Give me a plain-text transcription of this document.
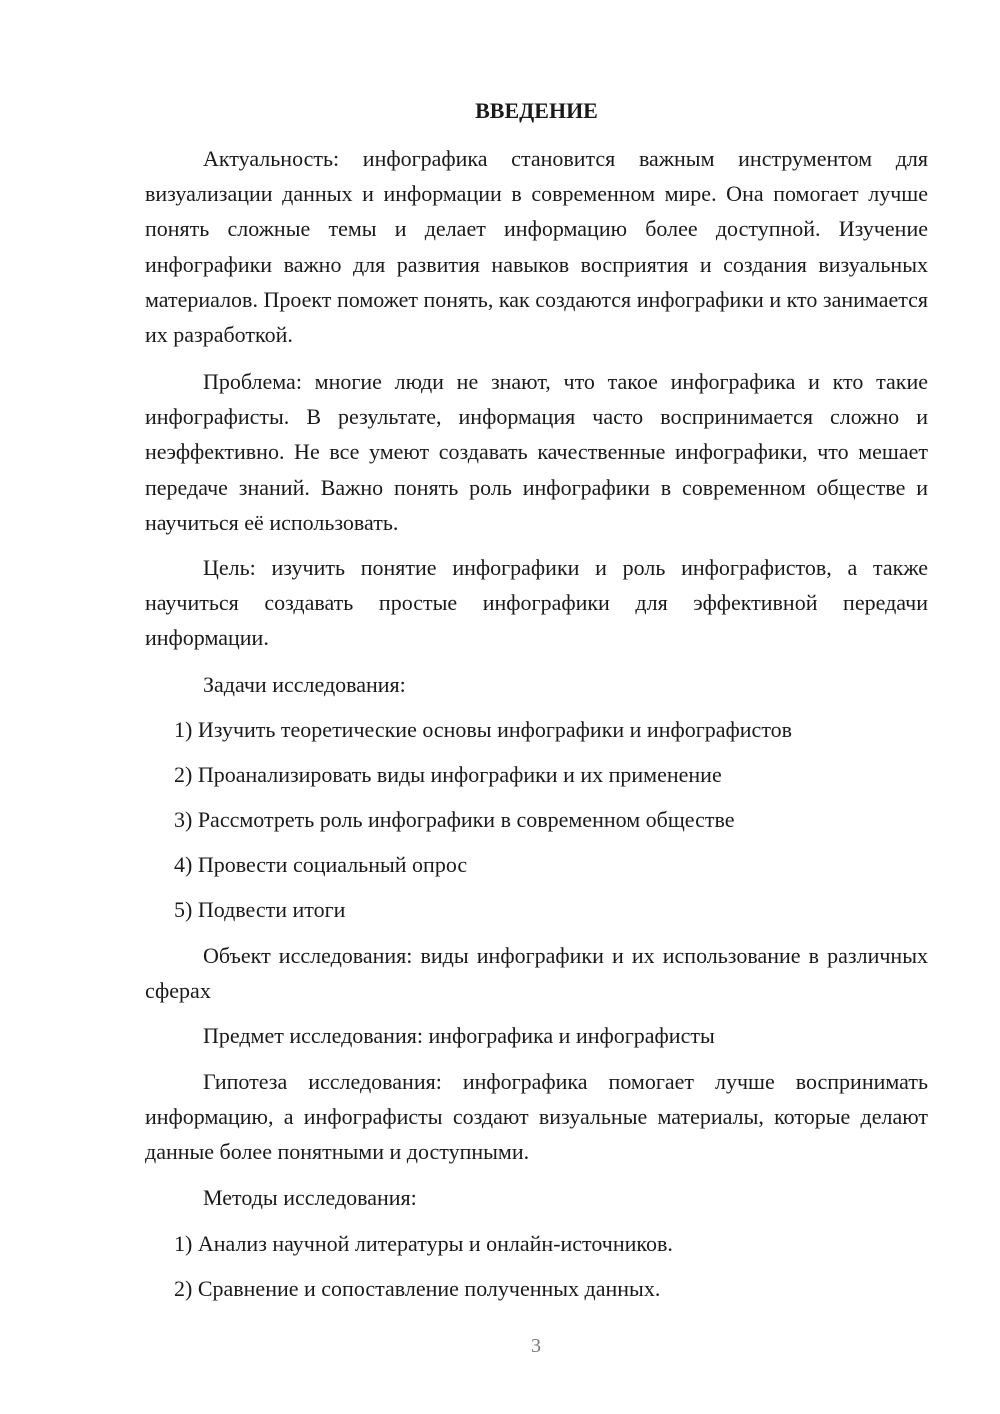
ВВЕДЕНИЕ

Актуальность: инфографика становится важным инструментом для визуализации данных и информации в современном мире. Она помогает лучше понять сложные темы и делает информацию более доступной. Изучение инфографики важно для развития навыков восприятия и создания визуальных материалов. Проект поможет понять, как создаются инфографики и кто занимается их разработкой.

Проблема: многие люди не знают, что такое инфографика и кто такие инфографисты. В результате, информация часто воспринимается сложно и неэффективно. Не все умеют создавать качественные инфографики, что мешает передаче знаний. Важно понять роль инфографики в современном обществе и научиться её использовать.

Цель: изучить понятие инфографики и роль инфографистов, а также научиться создавать простые инфографики для эффективной передачи информации.

Задачи исследования:

1) Изучить теоретические основы инфографики и инфографистов

2) Проанализировать виды инфографики и их применение

3) Рассмотреть роль инфографики в современном обществе

4) Провести социальный опрос

5) Подвести итоги

Объект исследования: виды инфографики и их использование в различных сферах

Предмет исследования: инфографика и инфографисты

Гипотеза исследования: инфографика помогает лучше воспринимать информацию, а инфографисты создают визуальные материалы, которые делают данные более понятными и доступными.

Методы исследования:

1) Анализ научной литературы и онлайн-источников.

2) Сравнение и сопоставление полученных данных.

3
